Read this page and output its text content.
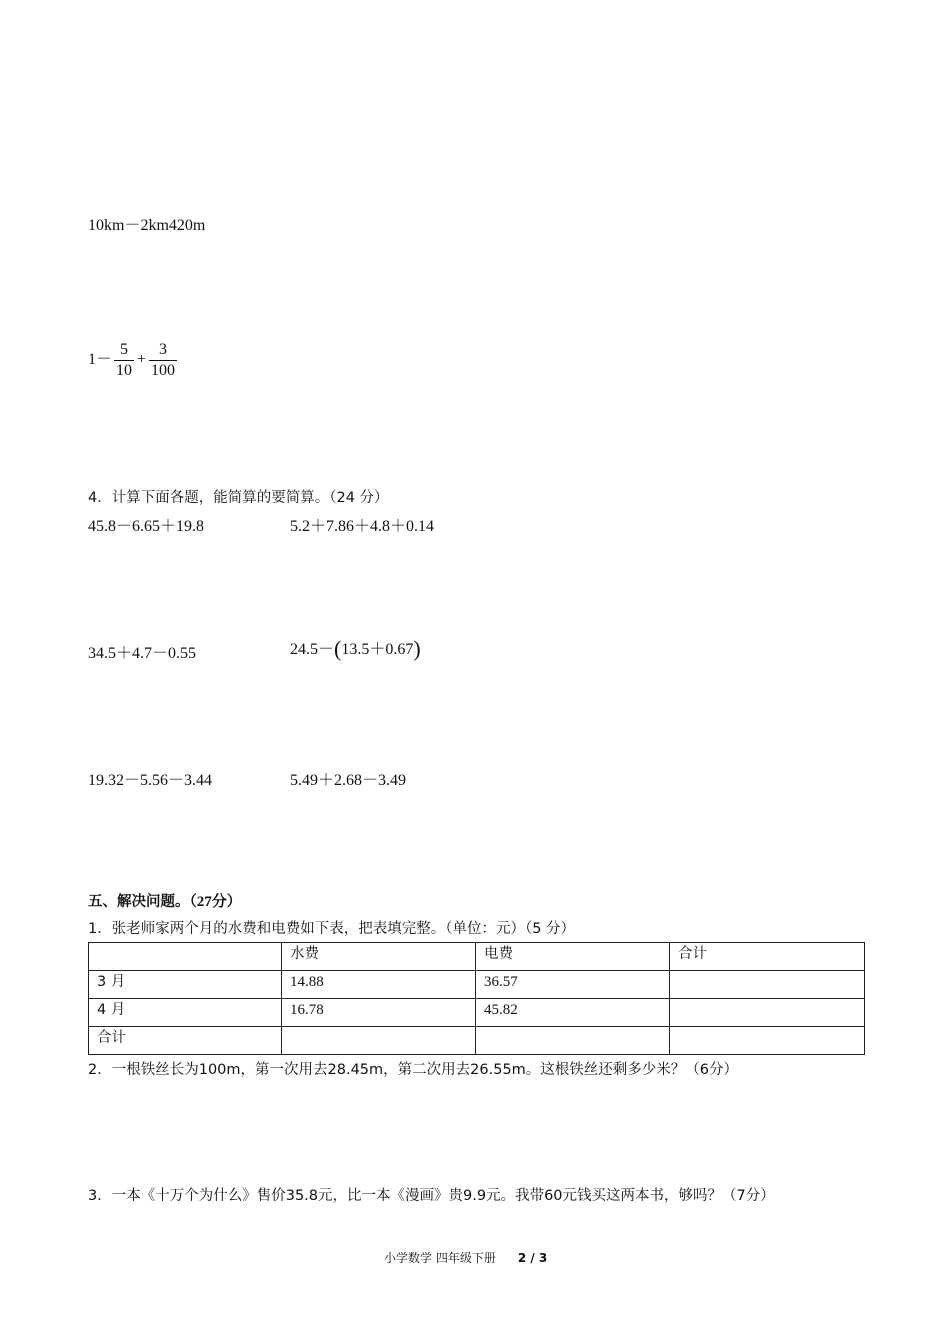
10km－2km420m
$1- \frac{5}{10} + \frac{3}{100}$
4．计算下面各题，能简算的要简算。（24 分）
45.8－6.65＋19.8	5.2＋7.86＋4.8＋0.14
34.5＋4.7－0.55	24.5－(13.5＋0.67)
19.32－5.56－3.44	5.49＋2.68－3.49
五、解决问题。（27分）
1．张老师家两个月的水费和电费如下表，把表填完整。（单位：元）（5 分）
	水费	电费	合计
3 月	14.88	36.57	
4 月	16.78	45.82	
合计			
2．一根铁丝长为100m，第一次用去28.45m，第二次用去26.55m。这根铁丝还剩多少米？（6分）
3．一本《十万个为什么》售价35.8元，比一本《漫画》贵9.9元。我带60元钱买这两本书，够吗？（7分）
小学数学 四年级下册 2 / 3
